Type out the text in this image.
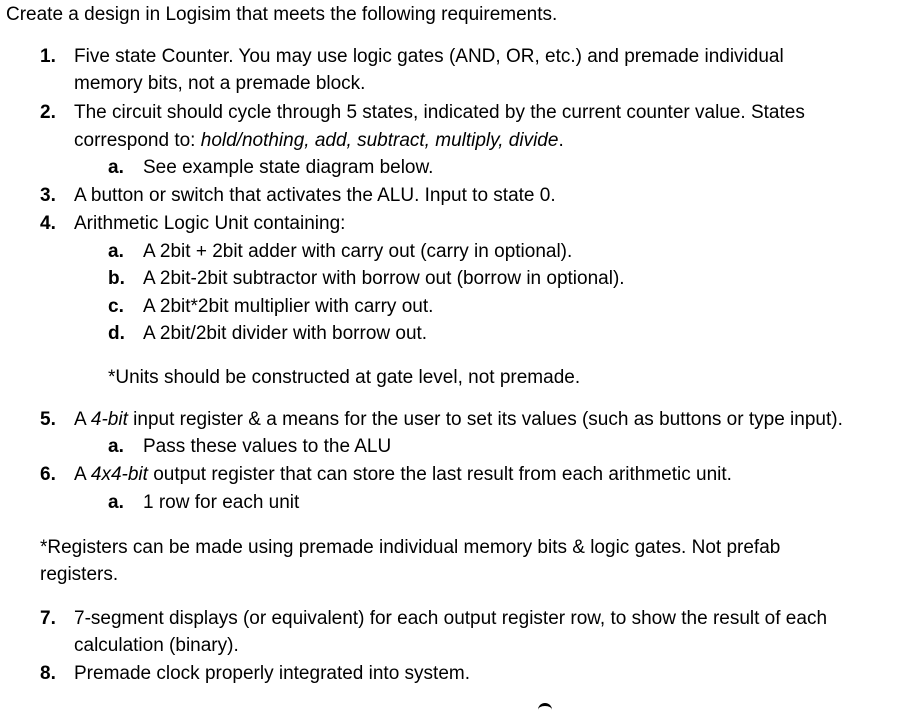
Create a design in Logisim that meets the following requirements.
1. Five state Counter. You may use logic gates (AND, OR, etc.) and premade individual
memory bits, not a premade block.
2. The circuit should cycle through 5 states, indicated by the current counter value. States
correspond to: hold/nothing, add, subtract, multiply, divide.
a. See example state diagram below.
3. A button or switch that activates the ALU. Input to state 0.
4. Arithmetic Logic Unit containing:
a. A 2bit + 2bit adder with carry out (carry in optional).
b. A 2bit-2bit subtractor with borrow out (borrow in optional).
c. A 2bit*2bit multiplier with carry out.
d. A 2bit/2bit divider with borrow out.
*Units should be constructed at gate level, not premade.
5. A 4-bit input register & a means for the user to set its values (such as buttons or type input).
a. Pass these values to the ALU
6. A 4x4-bit output register that can store the last result from each arithmetic unit.
a. 1 row for each unit
*Registers can be made using premade individual memory bits & logic gates. Not prefab
registers.
7. 7-segment displays (or equivalent) for each output register row, to show the result of each
calculation (binary).
8. Premade clock properly integrated into system.
